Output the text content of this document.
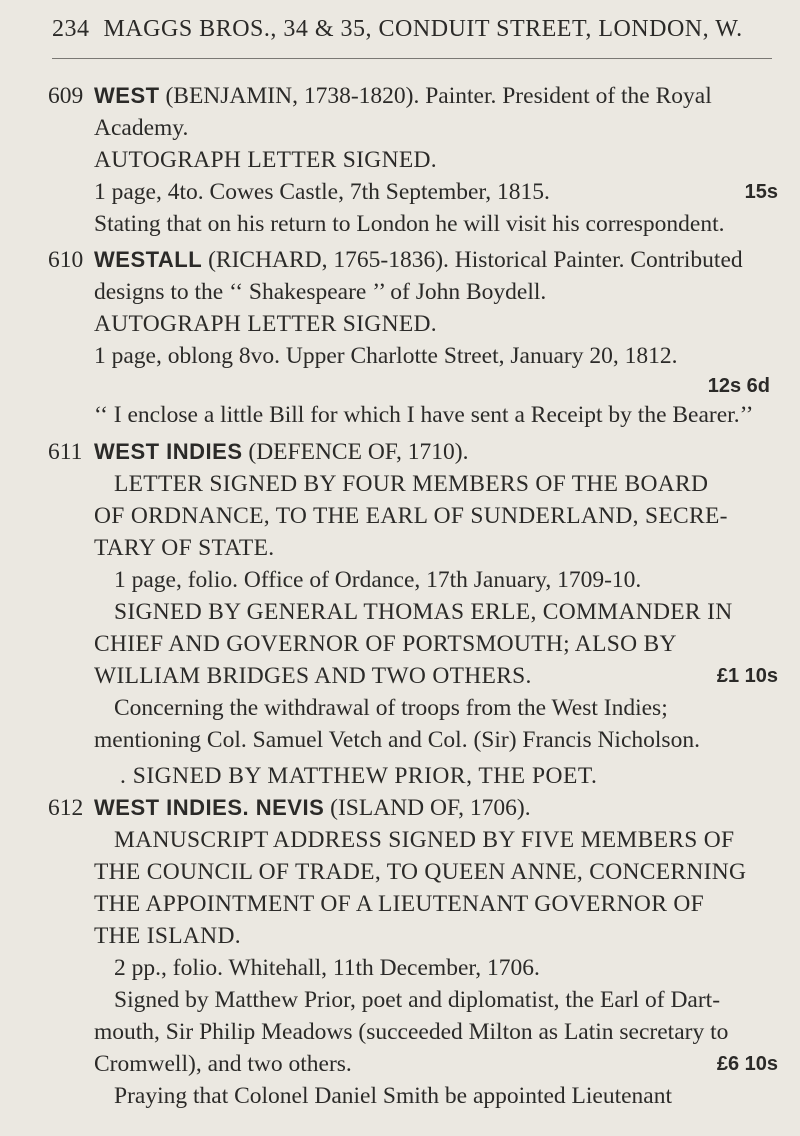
234 MAGGS BROS., 34 & 35, CONDUIT STREET, LONDON, W.
609 WEST (BENJAMIN, 1738-1820). Painter. President of the Royal
Academy.
AUTOGRAPH LETTER SIGNED.
1 page, 4to. Cowes Castle, 7th September, 1815.	15s
Stating that on his return to London he will visit his correspondent.
610 WESTALL (RICHARD, 1765-1836). Historical Painter. Contributed
designs to the ‘‘ Shakespeare ’’ of John Boydell.
AUTOGRAPH LETTER SIGNED.
1 page, oblong 8vo. Upper Charlotte Street, January 20, 1812.
12s 6d
‘‘ I enclose a little Bill for which I have sent a Receipt by the Bearer.’’
611 WEST INDIES (DEFENCE OF, 1710).
LETTER SIGNED BY FOUR MEMBERS OF THE BOARD
OF ORDNANCE, TO THE EARL OF SUNDERLAND, SECRE-
TARY OF STATE.
1 page, folio. Office of Ordance, 17th January, 1709-10.
SIGNED BY GENERAL THOMAS ERLE, COMMANDER IN
CHIEF AND GOVERNOR OF PORTSMOUTH; ALSO BY
WILLIAM BRIDGES AND TWO OTHERS.	£1 10s
Concerning the withdrawal of troops from the West Indies;
mentioning Col. Samuel Vetch and Col. (Sir) Francis Nicholson.
. SIGNED BY MATTHEW PRIOR, THE POET.
612 WEST INDIES. NEVIS (ISLAND OF, 1706).
MANUSCRIPT ADDRESS SIGNED BY FIVE MEMBERS OF
THE COUNCIL OF TRADE, TO QUEEN ANNE, CONCERNING
THE APPOINTMENT OF A LIEUTENANT GOVERNOR OF
THE ISLAND.
2 pp., folio. Whitehall, 11th December, 1706.
Signed by Matthew Prior, poet and diplomatist, the Earl of Dart-
mouth, Sir Philip Meadows (succeeded Milton as Latin secretary to
Cromwell), and two others.	£6 10s
Praying that Colonel Daniel Smith be appointed Lieutenant
